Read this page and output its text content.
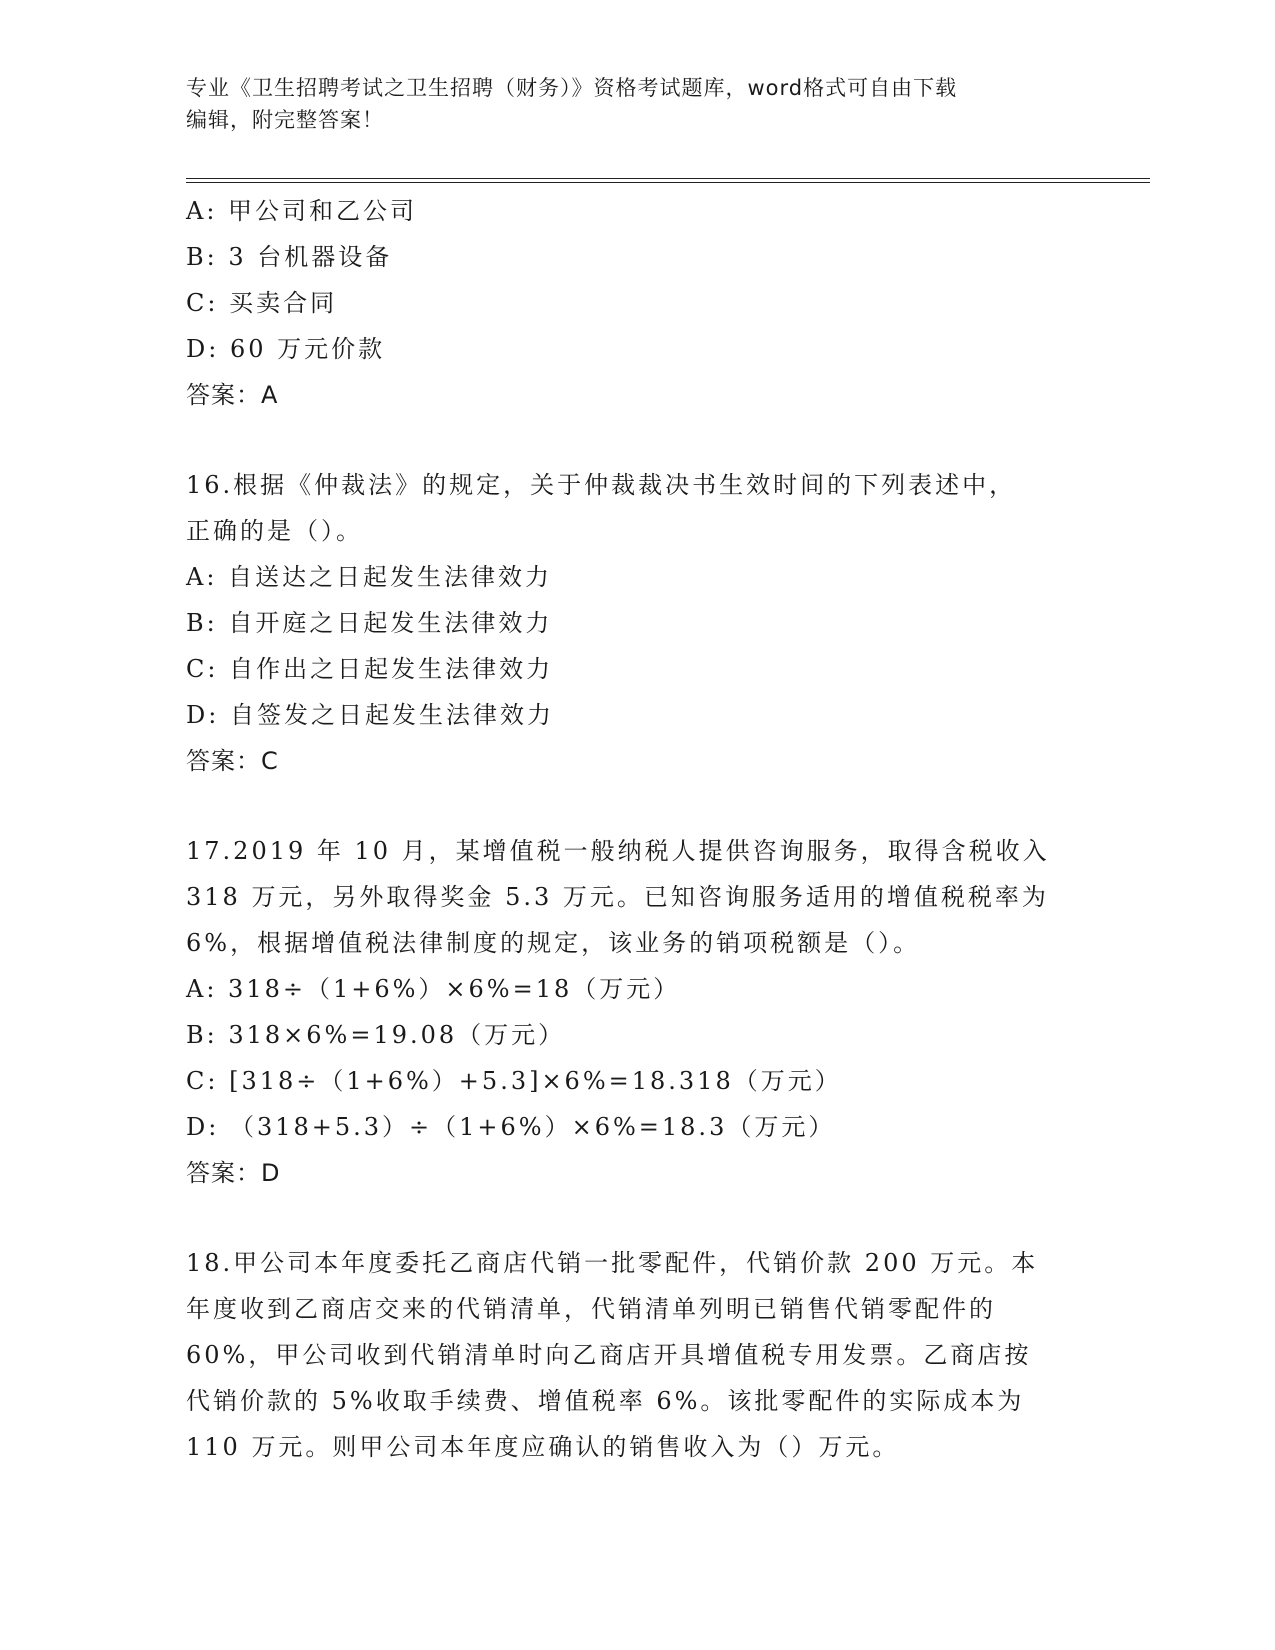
专业《卫生招聘考试之卫生招聘（财务）》资格考试题库，word格式可自由下载
编辑，附完整答案！
A: 甲公司和乙公司
B: 3 台机器设备
C: 买卖合同
D: 60 万元价款
答案：A
16.根据《仲裁法》的规定，关于仲裁裁决书生效时间的下列表述中，
正确的是（）。
A: 自送达之日起发生法律效力
B: 自开庭之日起发生法律效力
C: 自作出之日起发生法律效力
D: 自签发之日起发生法律效力
答案：C
17.2019 年 10 月，某增值税一般纳税人提供咨询服务，取得含税收入
318 万元，另外取得奖金 5.3 万元。已知咨询服务适用的增值税税率为
6%，根据增值税法律制度的规定，该业务的销项税额是（）。
A: 318÷（1+6%）×6%=18（万元）
B: 318×6%=19.08（万元）
C: [318÷（1+6%）+5.3]×6%=18.318（万元）
D: （318+5.3）÷（1+6%）×6%=18.3（万元）
答案：D
18.甲公司本年度委托乙商店代销一批零配件，代销价款 200 万元。本
年度收到乙商店交来的代销清单，代销清单列明已销售代销零配件的
60%，甲公司收到代销清单时向乙商店开具增值税专用发票。乙商店按
代销价款的 5%收取手续费、增值税率 6%。该批零配件的实际成本为
110 万元。则甲公司本年度应确认的销售收入为（）万元。
